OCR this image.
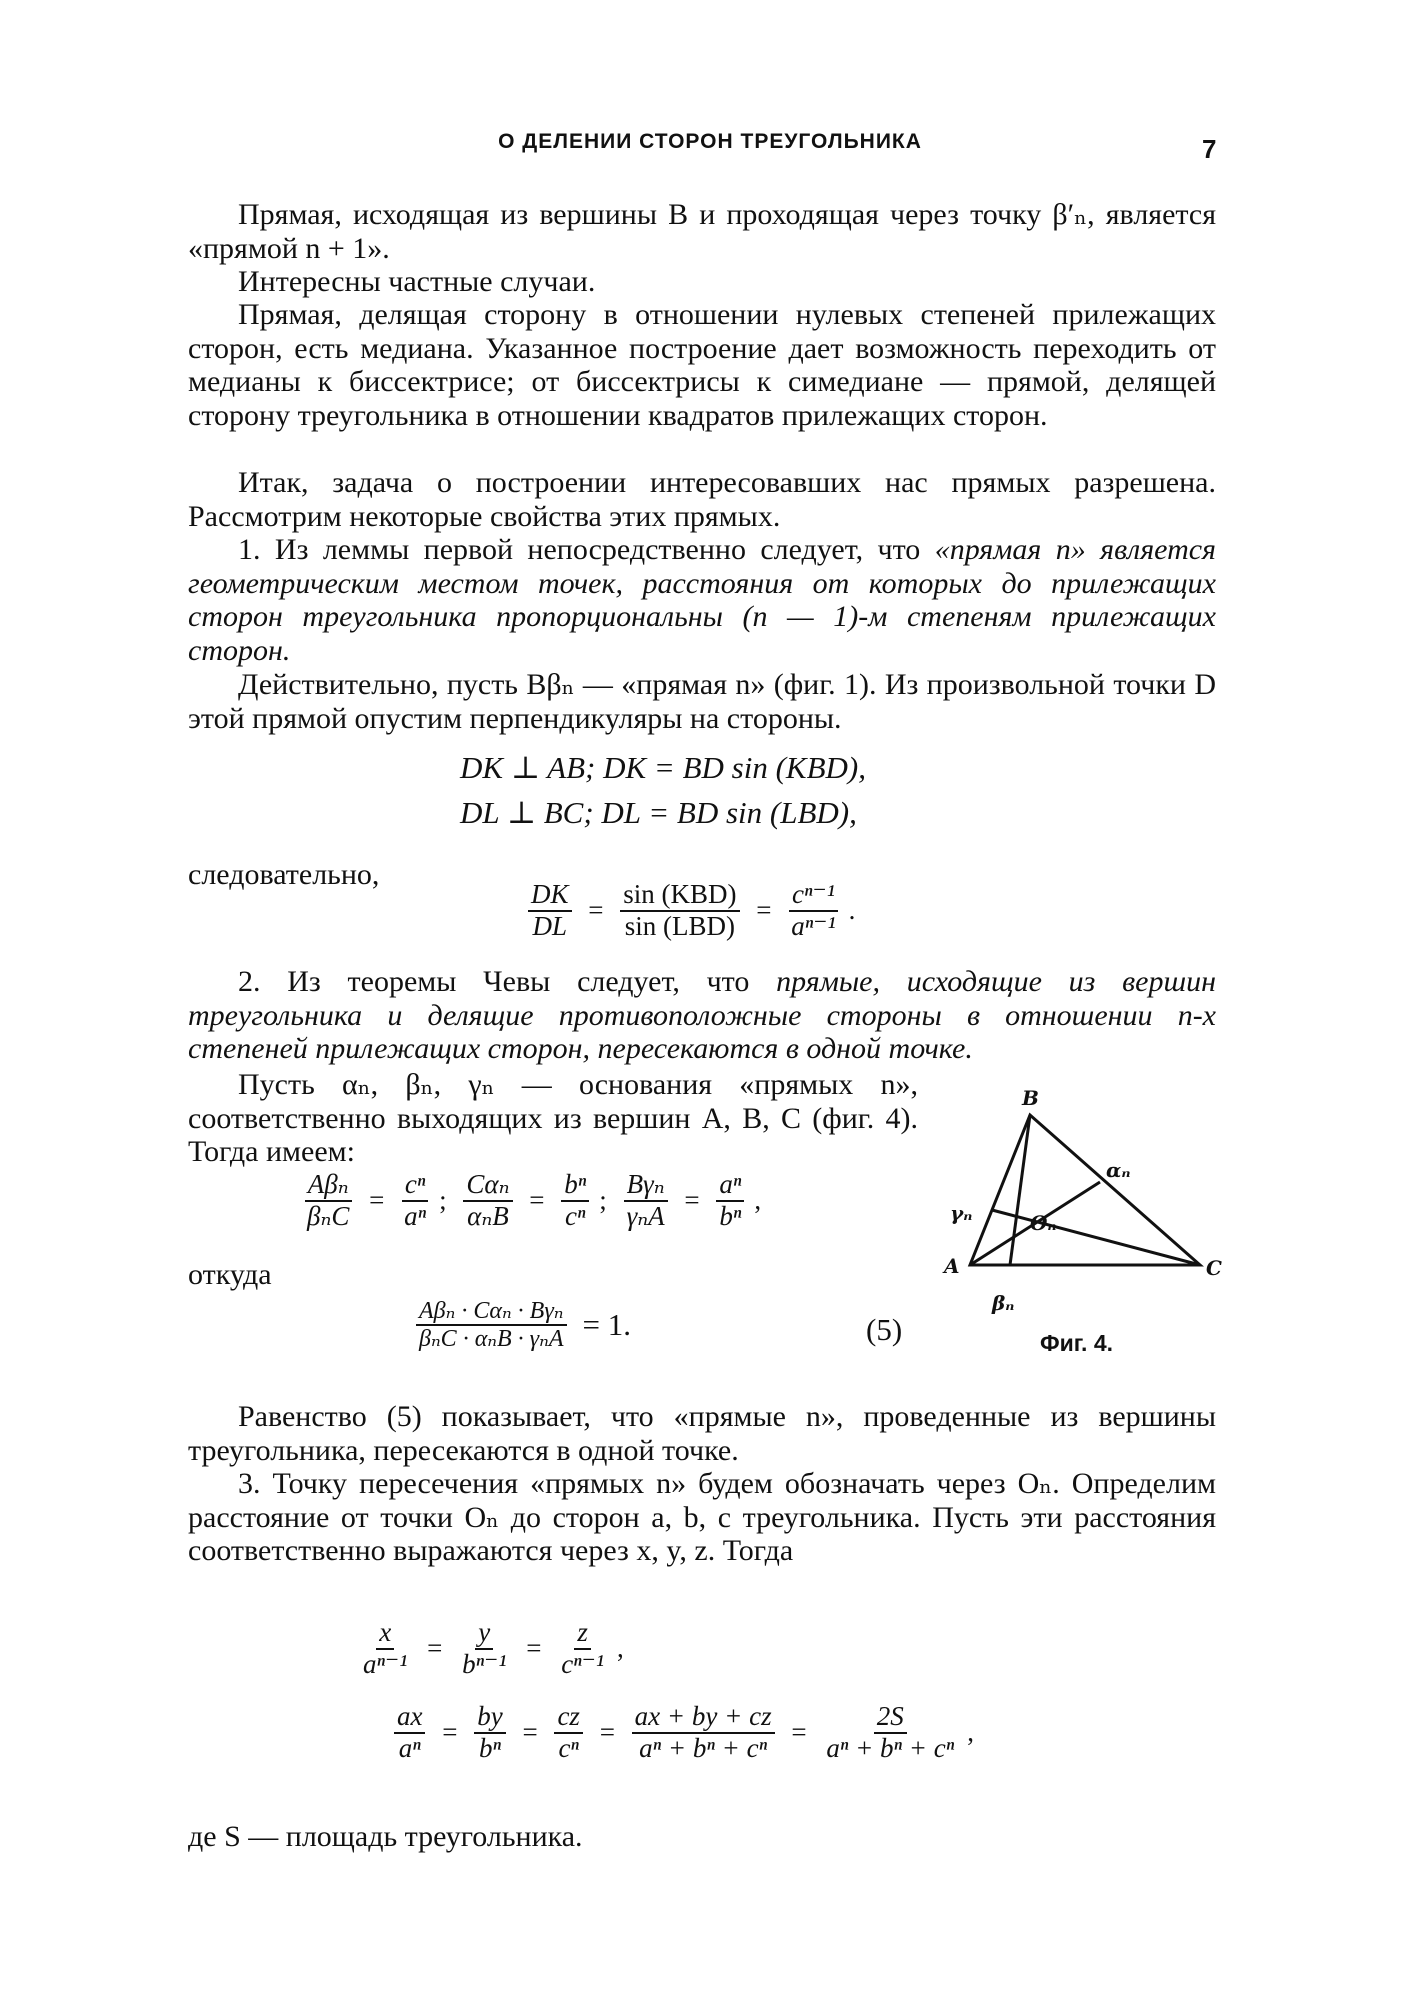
О ДЕЛЕНИИ СТОРОН ТРЕУГОЛЬНИКА	7

Прямая, исходящая из вершины B и проходящая через точку β′ₙ, является «прямой n + 1».

Интересны частные случаи.

Прямая, делящая сторону в отношении нулевых степеней прилежащих сторон, есть медиана. Указанное построение дает возможность переходить от медианы к биссектрисе; от биссектрисы к симедиане — прямой, делящей сторону треугольника в отношении квадратов прилежащих сторон.

Итак, задача о построении интересовавших нас прямых разрешена. Рассмотрим некоторые свойства этих прямых.

1. Из леммы первой непосредственно следует, что «прямая n» является геометрическим местом точек, расстояния от которых до прилежащих сторон треугольника пропорциональны (n — 1)-м степеням прилежащих сторон.

Действительно, пусть Bβₙ — «прямая n» (фиг. 1). Из произвольной точки D этой прямой опустим перпендикуляры на стороны.

DK ⊥ AB; DK = BD sin (KBD),
DL ⊥ BC; DL = BD sin (LBD),
следовательно,
$\frac{DK}{DL} = \frac{\text{sin (KBD)}}{\text{sin (LBD)}} = \frac{\text{cⁿ⁻¹}}{\text{aⁿ⁻¹}}$ .

2. Из теоремы Чевы следует, что прямые, исходящие из вершин треугольника и делящие противоположные стороны в отношении n-х степеней прилежащих сторон, пересекаются в одной точке.

Пусть αₙ, βₙ, γₙ — основания «прямых n», соответственно выходящих из вершин A, B, C (фиг. 4). Тогда имеем:

$\frac{\text{Aβₙ}}{\text{βₙC}} = \frac{\text{cⁿ}}{\text{aⁿ}}$ ; $\frac{\text{Cαₙ}}{\text{αₙB}} = \frac{\text{bⁿ}}{\text{cⁿ}}$ ; $\frac{\text{Bγₙ}}{\text{γₙA}} = \frac{\text{aⁿ}}{\text{bⁿ}}$ ,
откуда
$\frac{\text{Aβₙ · Cαₙ · Bγₙ}}{\text{βₙC · αₙB · γₙA}} = 1$.	(5)
B
A	C
αₙ
βₙ
γₙ	Oₙ
Фиг. 4.

Равенство (5) показывает, что «прямые n», проведенные из вершины треугольника, пересекаются в одной точке.

3. Точку пересечения «прямых n» будем обозначать через Oₙ. Определим расстояние от точки Oₙ до сторон a, b, c треугольника. Пусть эти расстояния соответственно выражаются через x, y, z. Тогда

$\frac{x}{\text{aⁿ⁻¹}} = \frac{y}{\text{bⁿ⁻¹}} = \frac{z}{\text{cⁿ⁻¹}}$ ,
$\frac{ax}{\text{aⁿ}} = \frac{by}{\text{bⁿ}} = \frac{cz}{\text{cⁿ}} = \frac{ax + by + cz}{\text{aⁿ + bⁿ + cⁿ}} = \frac{2S}{\text{aⁿ + bⁿ + cⁿ}}$ ,
де S — площадь треугольника.
